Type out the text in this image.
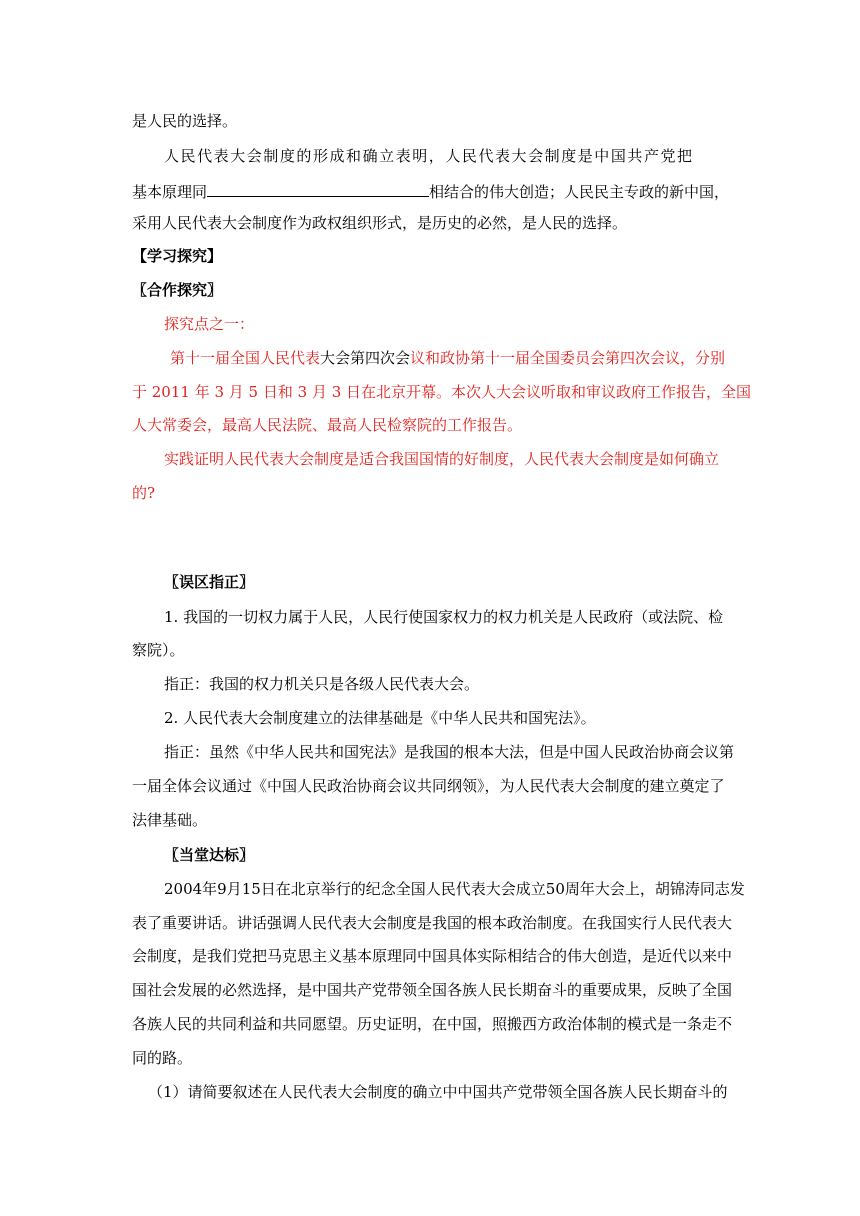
是人民的选择。
人民代表大会制度的形成和确立表明，人民代表大会制度是中国共产党把
基本原理同	相结合的伟大创造；人民民主专政的新中国，
采用人民代表大会制度作为政权组织形式，是历史的必然，是人民的选择。
【学习探究】
〖合作探究〗
探究点之一：
第十一届全国人民代表大会第四次会议和政协第十一届全国委员会第四次会议，分别
于 2011 年 3 月 5 日和 3 月 3 日在北京开幕。本次人大会议听取和审议政府工作报告，全国
人大常委会，最高人民法院、最高人民检察院的工作报告。
实践证明人民代表大会制度是适合我国国情的好制度，人民代表大会制度是如何确立
的?
〖误区指正〗
1. 我国的一切权力属于人民，人民行使国家权力的权力机关是人民政府（或法院、检
察院）。
指正：我国的权力机关只是各级人民代表大会。
2. 人民代表大会制度建立的法律基础是《中华人民共和国宪法》。
指正：虽然《中华人民共和国宪法》是我国的根本大法，但是中国人民政治协商会议第
一届全体会议通过《中国人民政治协商会议共同纲领》，为人民代表大会制度的建立奠定了
法律基础。
〖当堂达标〗
2004年9月15日在北京举行的纪念全国人民代表大会成立50周年大会上，胡锦涛同志发
表了重要讲话。讲话强调人民代表大会制度是我国的根本政治制度。在我国实行人民代表大
会制度，是我们党把马克思主义基本原理同中国具体实际相结合的伟大创造，是近代以来中
国社会发展的必然选择，是中国共产党带领全国各族人民长期奋斗的重要成果，反映了全国
各族人民的共同利益和共同愿望。历史证明，在中国，照搬西方政治体制的模式是一条走不
同的路。
（1）请简要叙述在人民代表大会制度的确立中中国共产党带领全国各族人民长期奋斗的
